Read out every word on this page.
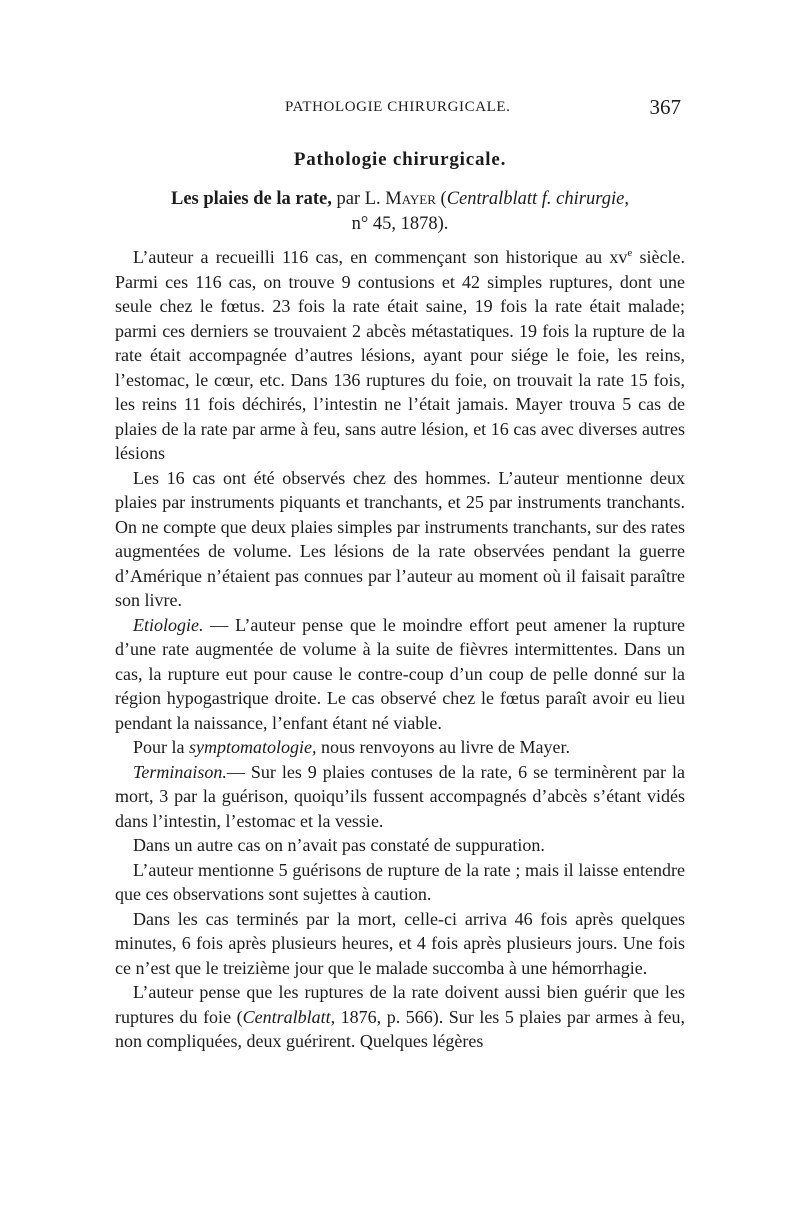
PATHOLOGIE CHIRURGICALE.	367
Pathologie chirurgicale.
Les plaies de la rate, par L. Mayer (Centralblatt f. chirurgie,
n° 45, 1878).

L’auteur a recueilli 116 cas, en commençant son historique au $xv^e$ siècle. Parmi ces 116 cas, on trouve 9 contusions et 42 simples ruptures, dont une seule chez le fœtus. 23 fois la rate était saine, 19 fois la rate était malade; parmi ces derniers se trouvaient 2 abcès métastatiques. 19 fois la rupture de la rate était accompagnée d’autres lésions, ayant pour siége le foie, les reins, l’estomac, le cœur, etc. Dans 136 ruptures du foie, on trouvait la rate 15 fois, les reins 11 fois déchirés, l’intestin ne l’était jamais. Mayer trouva 5 cas de plaies de la rate par arme à feu, sans autre lésion, et 16 cas avec diverses autres lésions

Les 16 cas ont été observés chez des hommes. L’auteur mentionne deux plaies par instruments piquants et tranchants, et 25 par instruments tranchants. On ne compte que deux plaies simples par instruments tranchants, sur des rates augmentées de volume. Les lésions de la rate observées pendant la guerre d’Amérique n’étaient pas connues par l’auteur au moment où il faisait paraître son livre.

Etiologie. — L’auteur pense que le moindre effort peut amener la rupture d’une rate augmentée de volume à la suite de fièvres intermittentes. Dans un cas, la rupture eut pour cause le contre-coup d’un coup de pelle donné sur la région hypogastrique droite. Le cas observé chez le fœtus paraît avoir eu lieu pendant la naissance, l’enfant étant né viable.

Pour la symptomatologie, nous renvoyons au livre de Mayer.

Terminaison.— Sur les 9 plaies contuses de la rate, 6 se terminèrent par la mort, 3 par la guérison, quoiqu’ils fussent accompagnés d’abcès s’étant vidés dans l’intestin, l’estomac et la vessie.

Dans un autre cas on n’avait pas constaté de suppuration.

L’auteur mentionne 5 guérisons de rupture de la rate ; mais il laisse entendre que ces observations sont sujettes à caution.

Dans les cas terminés par la mort, celle-ci arriva 46 fois après quelques minutes, 6 fois après plusieurs heures, et 4 fois après plusieurs jours. Une fois ce n’est que le treizième jour que le malade succomba à une hémorrhagie.

L’auteur pense que les ruptures de la rate doivent aussi bien guérir que les ruptures du foie (Centralblatt, 1876, p. 566). Sur les 5 plaies par armes à feu, non compliquées, deux guérirent. Quelques légères
